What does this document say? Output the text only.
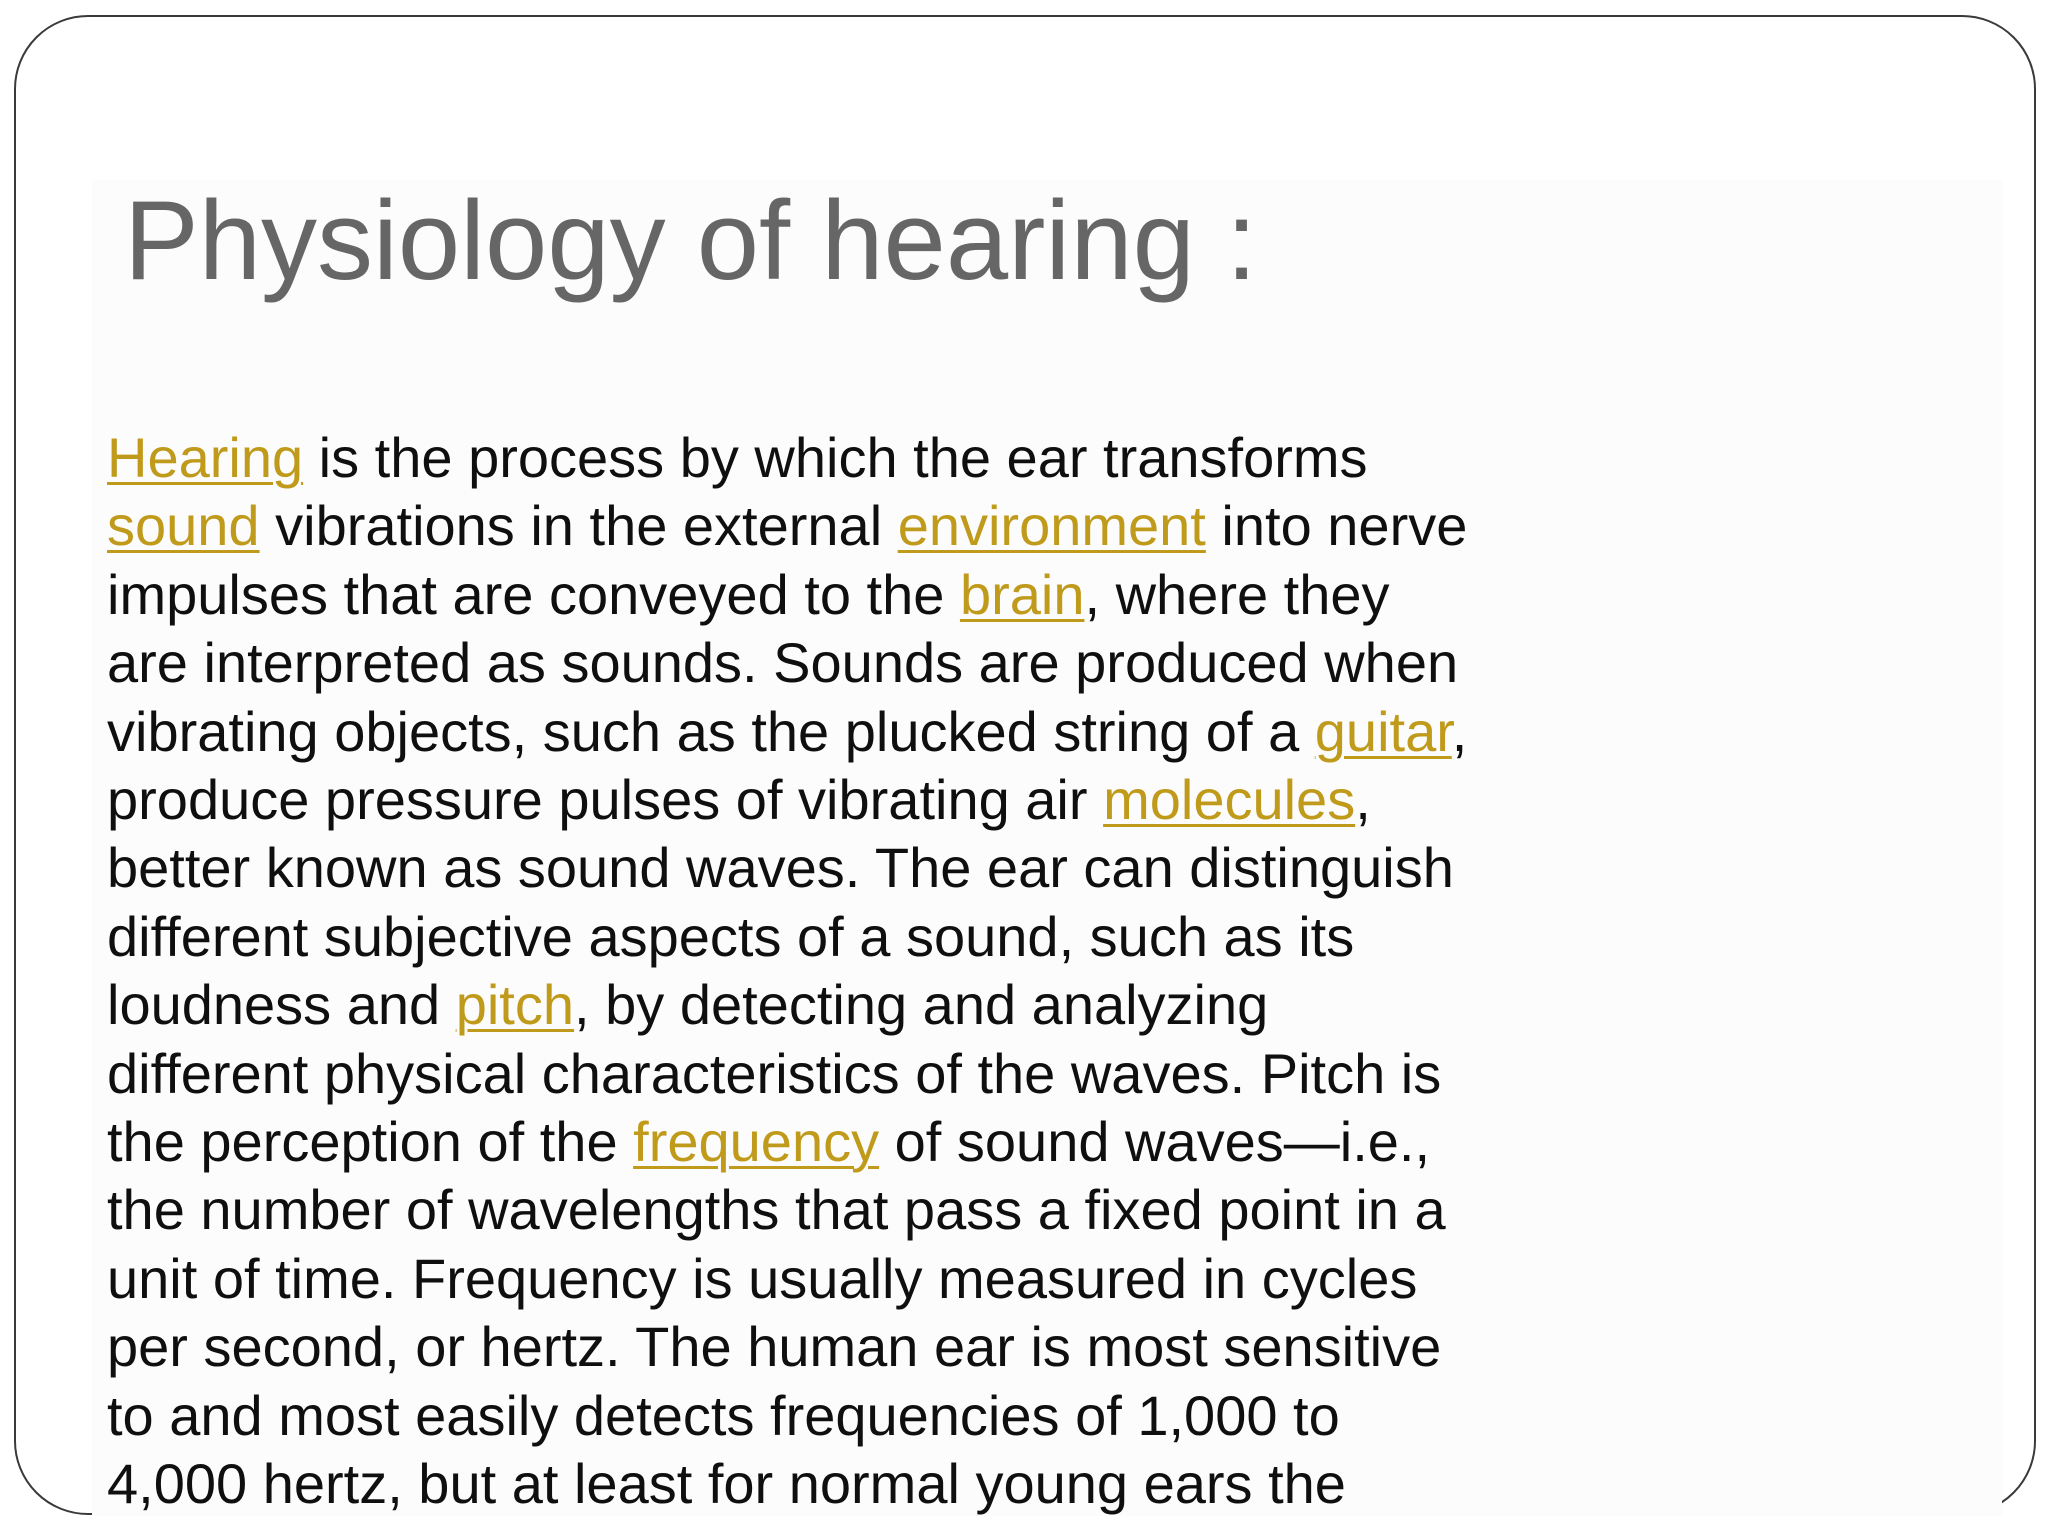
Physiology of hearing :
Hearing is the process by which the ear transforms
sound vibrations in the external environment into nerve
impulses that are conveyed to the brain, where they
are interpreted as sounds. Sounds are produced when
vibrating objects, such as the plucked string of a guitar,
produce pressure pulses of vibrating air molecules,
better known as sound waves. The ear can distinguish
different subjective aspects of a sound, such as its
loudness and pitch, by detecting and analyzing
different physical characteristics of the waves. Pitch is
the perception of the frequency of sound waves—i.e.,
the number of wavelengths that pass a fixed point in a
unit of time. Frequency is usually measured in cycles
per second, or hertz. The human ear is most sensitive
to and most easily detects frequencies of 1,000 to
4,000 hertz, but at least for normal young ears the
